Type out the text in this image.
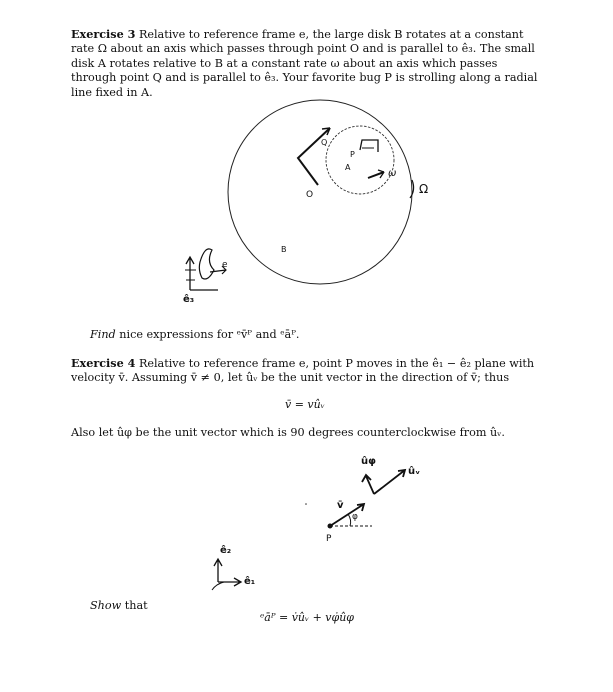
Exercise 3 Relative to reference frame e, the large disk B rotates at a constant rate Ω about an axis which passes through point O and is parallel to ê₃. The small disk A rotates relative to B at a constant rate ω about an axis which passes through point Q and is parallel to ê₃. Your favorite bug P is strolling along a radial line fixed in A.
O
Q
P
A
B
ω
Ω
e
ê₃
Find nice expressions for ᵉv̄ᴾ and ᵉāᴾ.
Exercise 4 Relative to reference frame e, point P moves in the ê₁ − ê₂ plane with velocity v̄. Assuming v̄ ≠ 0, let ûᵥ be the unit vector in the direction of v̄; thus
v̄ = vûᵥ
Also let ûφ be the unit vector which is 90 degrees counterclockwise from ûᵥ.
ûφ
ûᵥ
v̄
φ
P
ê₁
ê₂
Show that
ᵉāᴾ = v̇ûᵥ + vφ̇ûφ
